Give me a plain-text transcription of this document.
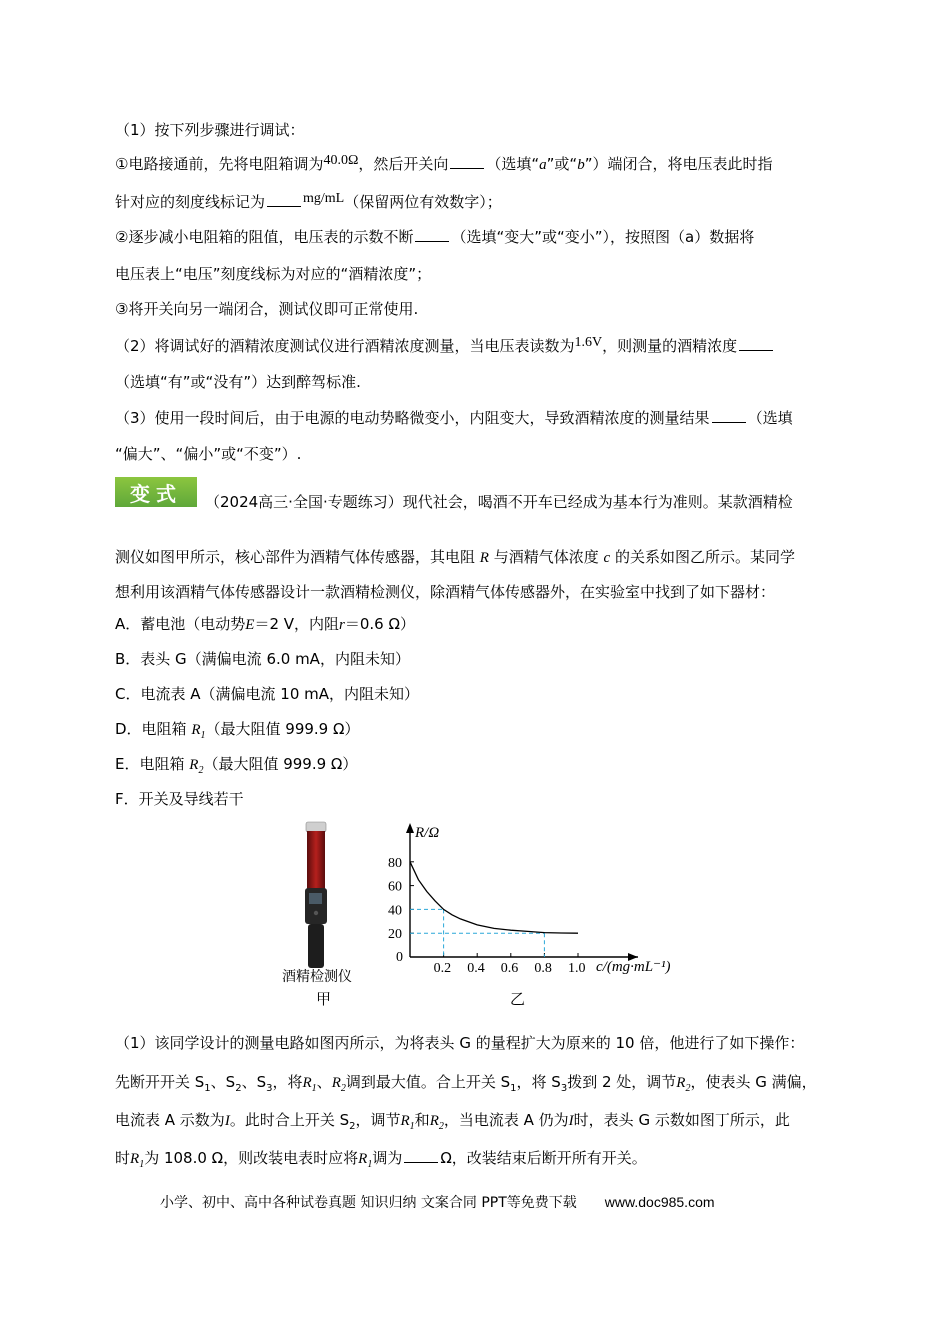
（1）按下列步骤进行调试：
①电路接通前，先将电阻箱调为40.0Ω，然后开关向	（选填“a”或“b”）端闭合，将电压表此时指
针对应的刻度线标记为	mg/mL（保留两位有效数字）；
②逐步减小电阻箱的阻值，电压表的示数不断	（选填“变大”或“变小”），按照图（a）数据将
电压表上“电压”刻度线标为对应的“酒精浓度”；
③将开关向另一端闭合，测试仪即可正常使用.
（2）将调试好的酒精浓度测试仪进行酒精浓度测量，当电压表读数为1.6V，则测量的酒精浓度
（选填“有”或“没有”）达到醉驾标准.
（3）使用一段时间后，由于电源的电动势略微变小，内阻变大，导致酒精浓度的测量结果	（选填
“偏大”、“偏小”或“不变”）.
变式	（2024高三·全国·专题练习）现代社会，喝酒不开车已经成为基本行为准则。某款酒精检
测仪如图甲所示，核心部件为酒精气体传感器，其电阻 R 与酒精气体浓度 c 的关系如图乙所示。某同学
想利用该酒精气体传感器设计一款酒精检测仪，除酒精气体传感器外，在实验室中找到了如下器材：
A．蓄电池（电动势E＝2 V，内阻r＝0.6 Ω）
B．表头 G（满偏电流 6.0 mA，内阻未知）
C．电流表 A（满偏电流 10 mA，内阻未知）
D．电阻箱 $R_1$（最大阻值 999.9 Ω）
E．电阻箱 $R_2$（最大阻值 999.9 Ω）
F．开关及导线若干
酒精检测仪
甲
R/Ω
c/(mg·mL⁻¹)
0
20
40
60
80
0.2 0.4 0.6 0.8 1.0
乙
（1）该同学设计的测量电路如图丙所示，为将表头 G 的量程扩大为原来的 10 倍，他进行了如下操作：
先断开开关 $S_1$、$S_2$、$S_3$，将$R_1$、$R_2$调到最大值。合上开关 $S_1$，将 $S_3$拨到 2 处，调节$R_2$，使表头 G 满偏，
电流表 A 示数为I。此时合上开关 $S_2$，调节$R_1$和$R_2$，当电流表 A 仍为I时，表头 G 示数如图丁所示，此
时$R_1$为 108.0 Ω，则改装电表时应将$R_1$调为	Ω，改装结束后断开所有开关。
小学、初中、高中各种试卷真题 知识归纳 文案合同 PPT等免费下载 www.doc985.com
